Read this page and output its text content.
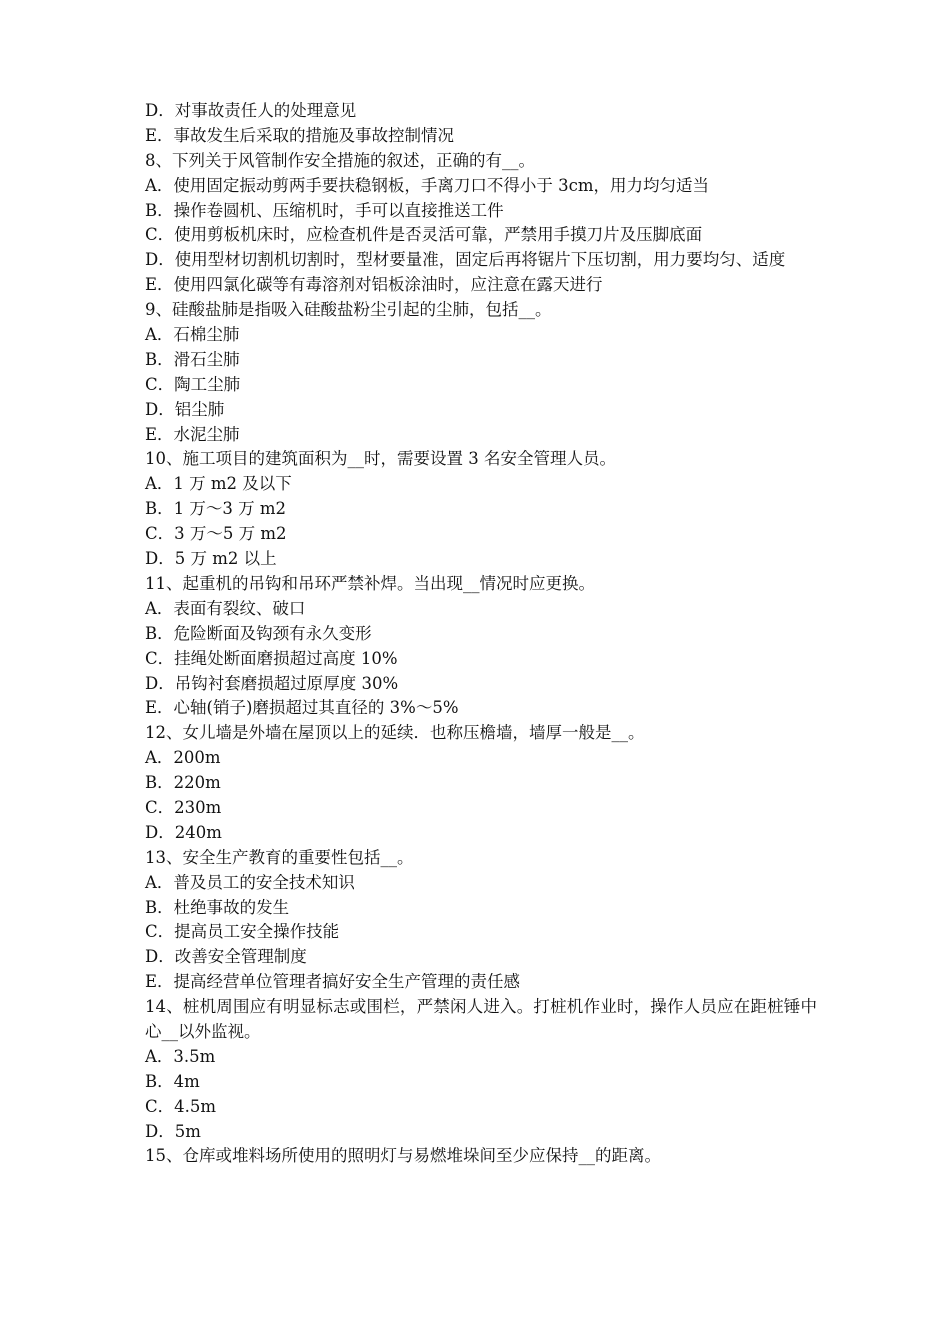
D．对事故责任人的处理意见

E．事故发生后采取的措施及事故控制情况

8、下列关于风管制作安全措施的叙述，正确的有__。

A．使用固定振动剪两手要扶稳钢板，手离刀口不得小于 3cm，用力均匀适当

B．操作卷圆机、压缩机时，手可以直接推送工件

C．使用剪板机床时，应检查机件是否灵活可靠，严禁用手摸刀片及压脚底面

D．使用型材切割机切割时，型材要量准，固定后再将锯片下压切割，用力要均匀、适度

E．使用四氯化碳等有毒溶剂对铝板涂油时，应注意在露天进行

9、硅酸盐肺是指吸入硅酸盐粉尘引起的尘肺，包括__。

A．石棉尘肺

B．滑石尘肺

C．陶工尘肺

D．铝尘肺

E．水泥尘肺

10、施工项目的建筑面积为__时，需要设置 3 名安全管理人员。

A．1 万 m2 及以下

B．1 万～3 万 m2

C．3 万～5 万 m2

D．5 万 m2 以上

11、起重机的吊钩和吊环严禁补焊。当出现__情况时应更换。

A．表面有裂纹、破口

B．危险断面及钩颈有永久变形

C．挂绳处断面磨损超过高度 10%

D．吊钩衬套磨损超过原厚度 30%

E．心轴(销子)磨损超过其直径的 3%～5%

12、女儿墙是外墙在屋顶以上的延续．也称压檐墙，墙厚一般是__。

A．200m

B．220m

C．230m

D．240m

13、安全生产教育的重要性包括__。

A．普及员工的安全技术知识

B．杜绝事故的发生

C．提高员工安全操作技能

D．改善安全管理制度

E．提高经营单位管理者搞好安全生产管理的责任感

14、桩机周围应有明显标志或围栏，严禁闲人进入。打桩机作业时，操作人员应在距桩锤中心__以外监视。

A．3.5m

B．4m

C．4.5m

D．5m

15、仓库或堆料场所使用的照明灯与易燃堆垛间至少应保持__的距离。
